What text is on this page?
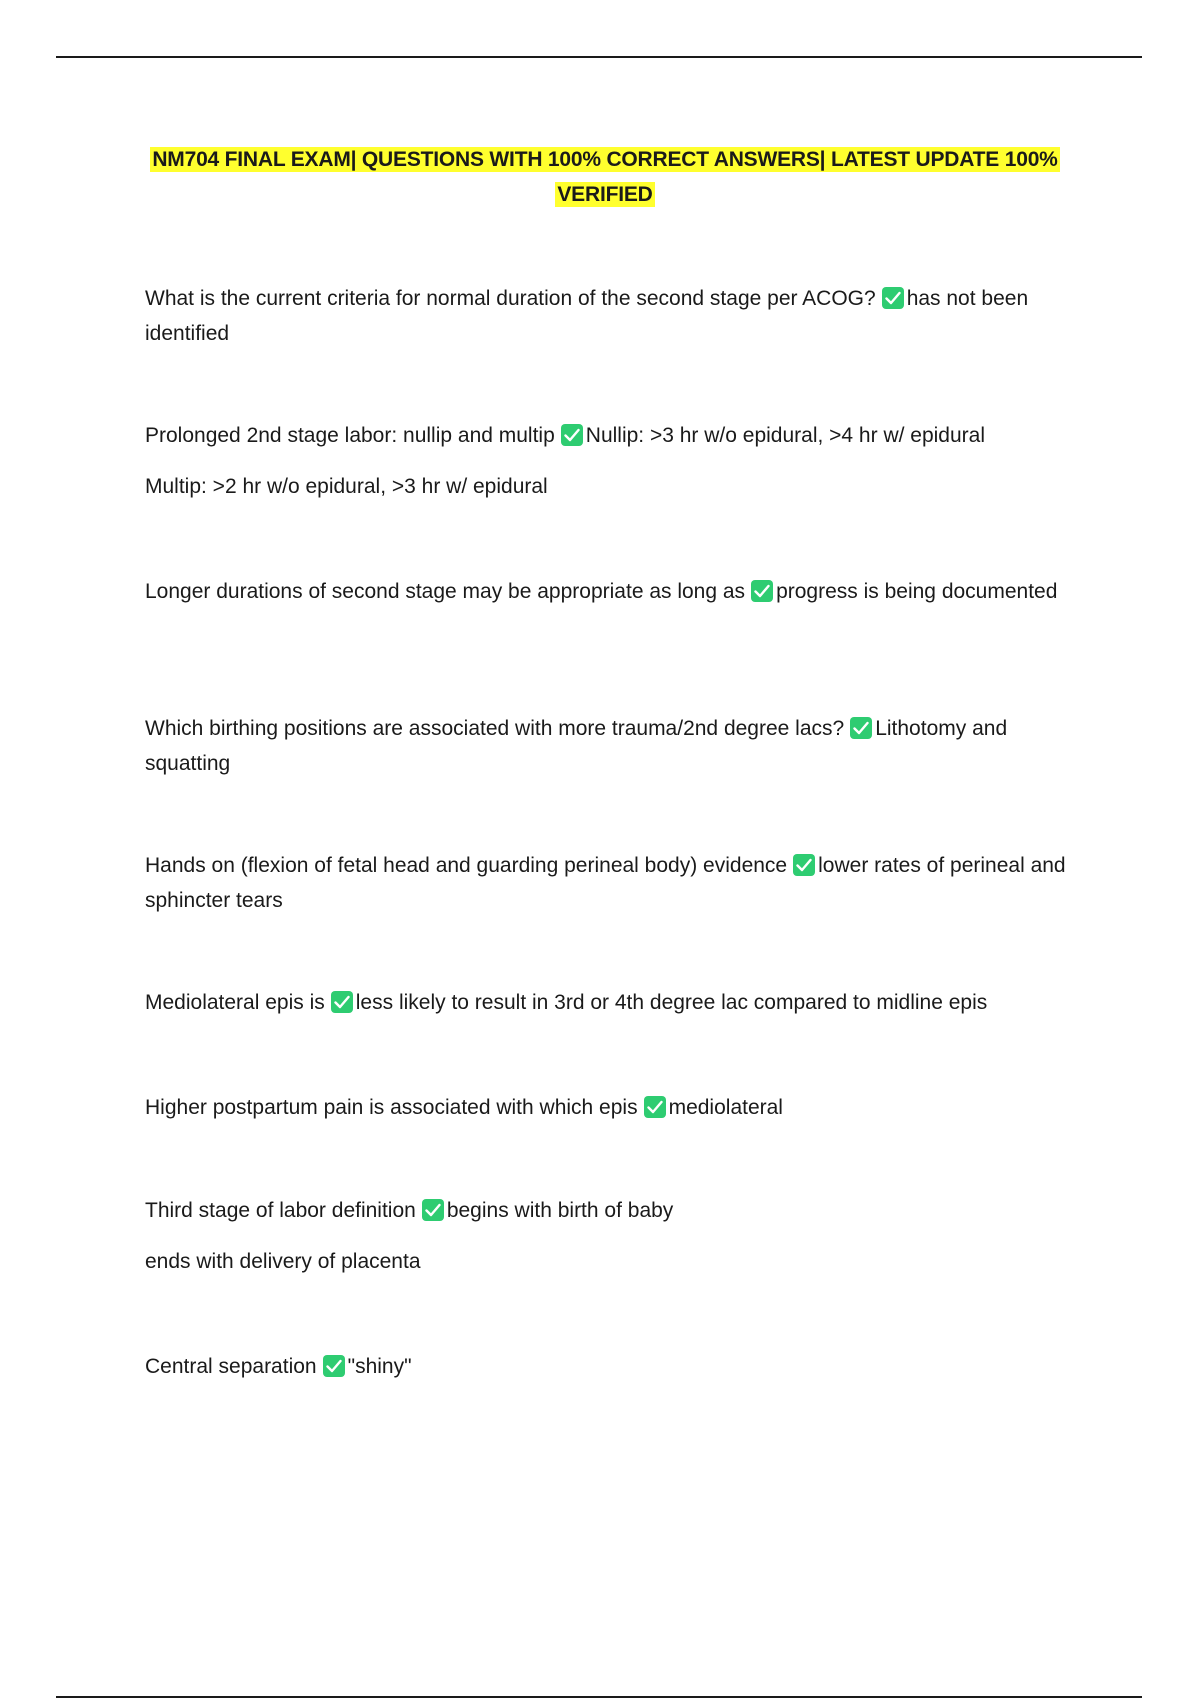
NM704 FINAL EXAM| QUESTIONS WITH 100% CORRECT ANSWERS| LATEST UPDATE 100% VERIFIED
What is the current criteria for normal duration of the second stage per ACOG? has not been identified
Prolonged 2nd stage labor: nullip and multip Nullip: >3 hr w/o epidural, >4 hr w/ epidural
Multip: >2 hr w/o epidural, >3 hr w/ epidural
Longer durations of second stage may be appropriate as long as progress is being documented
Which birthing positions are associated with more trauma/2nd degree lacs? Lithotomy and squatting
Hands on (flexion of fetal head and guarding perineal body) evidence lower rates of perineal and sphincter tears
Mediolateral epis is less likely to result in 3rd or 4th degree lac compared to midline epis
Higher postpartum pain is associated with which epis mediolateral
Third stage of labor definition begins with birth of baby
ends with delivery of placenta
Central separation "shiny"
